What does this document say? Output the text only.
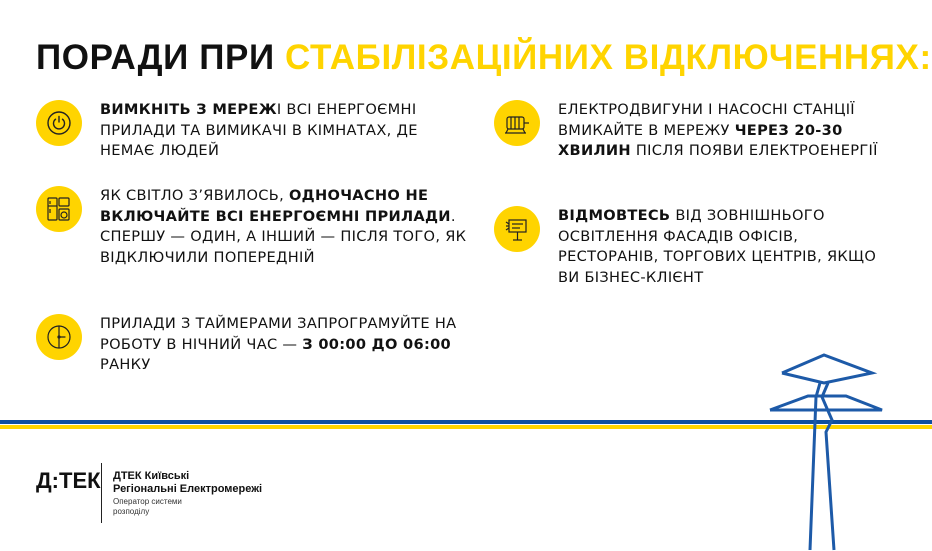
ПОРАДИ ПРИ СТАБІЛІЗАЦІЙНИХ ВІДКЛЮЧЕННЯХ:

ВИМКНІТЬ З МЕРЕЖІ ВСІ ЕНЕРГОЄМНІ ПРИЛАДИ ТА ВИМИКАЧІ В КІМНАТАХ, ДЕ НЕМАЄ ЛЮДЕЙ

ЯК СВІТЛО З’ЯВИЛОСЬ, ОДНОЧАСНО НЕ ВКЛЮЧАЙТЕ ВСІ ЕНЕРГОЄМНІ ПРИЛАДИ. СПЕРШУ — ОДИН, А ІНШИЙ — ПІСЛЯ ТОГО, ЯК ВІДКЛЮЧИЛИ ПОПЕРЕДНІЙ

ПРИЛАДИ З ТАЙМЕРАМИ ЗАПРОГРАМУЙТЕ НА РОБОТУ В НІЧНИЙ ЧАС — З 00:00 ДО 06:00 РАНКУ

ЕЛЕКТРОДВИГУНИ І НАСОСНІ СТАНЦІЇ ВМИКАЙТЕ В МЕРЕЖУ ЧЕРЕЗ 20-30 ХВИЛИН ПІСЛЯ ПОЯВИ ЕЛЕКТРОЕНЕРГІЇ

ВІДМОВТЕСЬ ВІД ЗОВНІШНЬОГО ОСВІТЛЕННЯ ФАСАДІВ ОФІСІВ, РЕСТОРАНІВ, ТОРГОВИХ ЦЕНТРІВ, ЯКЩО ВИ БІЗНЕС-КЛІЄНТ

Д:ТЕК ДТЕК Київські
Регіональні Електромережі
Оператор системи
розподілу
